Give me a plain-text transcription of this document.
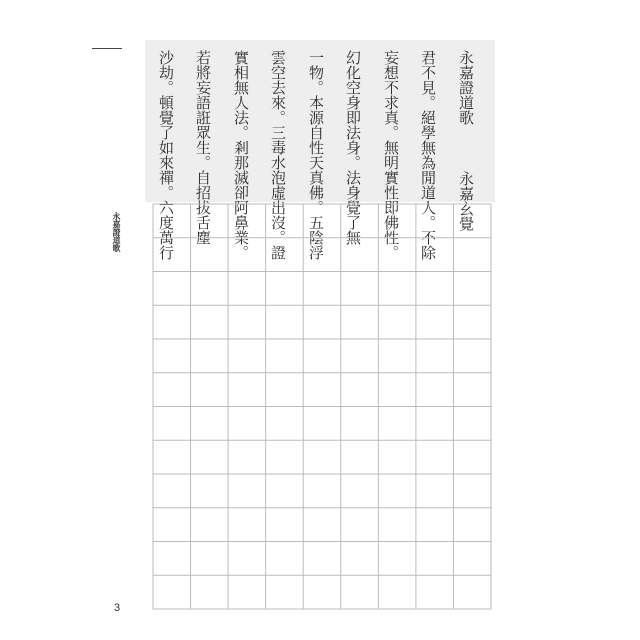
永嘉證道歌永嘉玄覺
君不見。絕學無為閒道人。不除
妄想不求真。無明實性即佛性。
幻化空身即法身。法身覺了無
一物。本源自性天真佛。五陰浮
雲空去來。三毒水泡虛出沒。證
實相無人法。剎那滅卻阿鼻業。
若將妄語誑眾生。自招拔舌塵
沙劫。頓覺了如來禪。六度萬行
永嘉證道歌
3
